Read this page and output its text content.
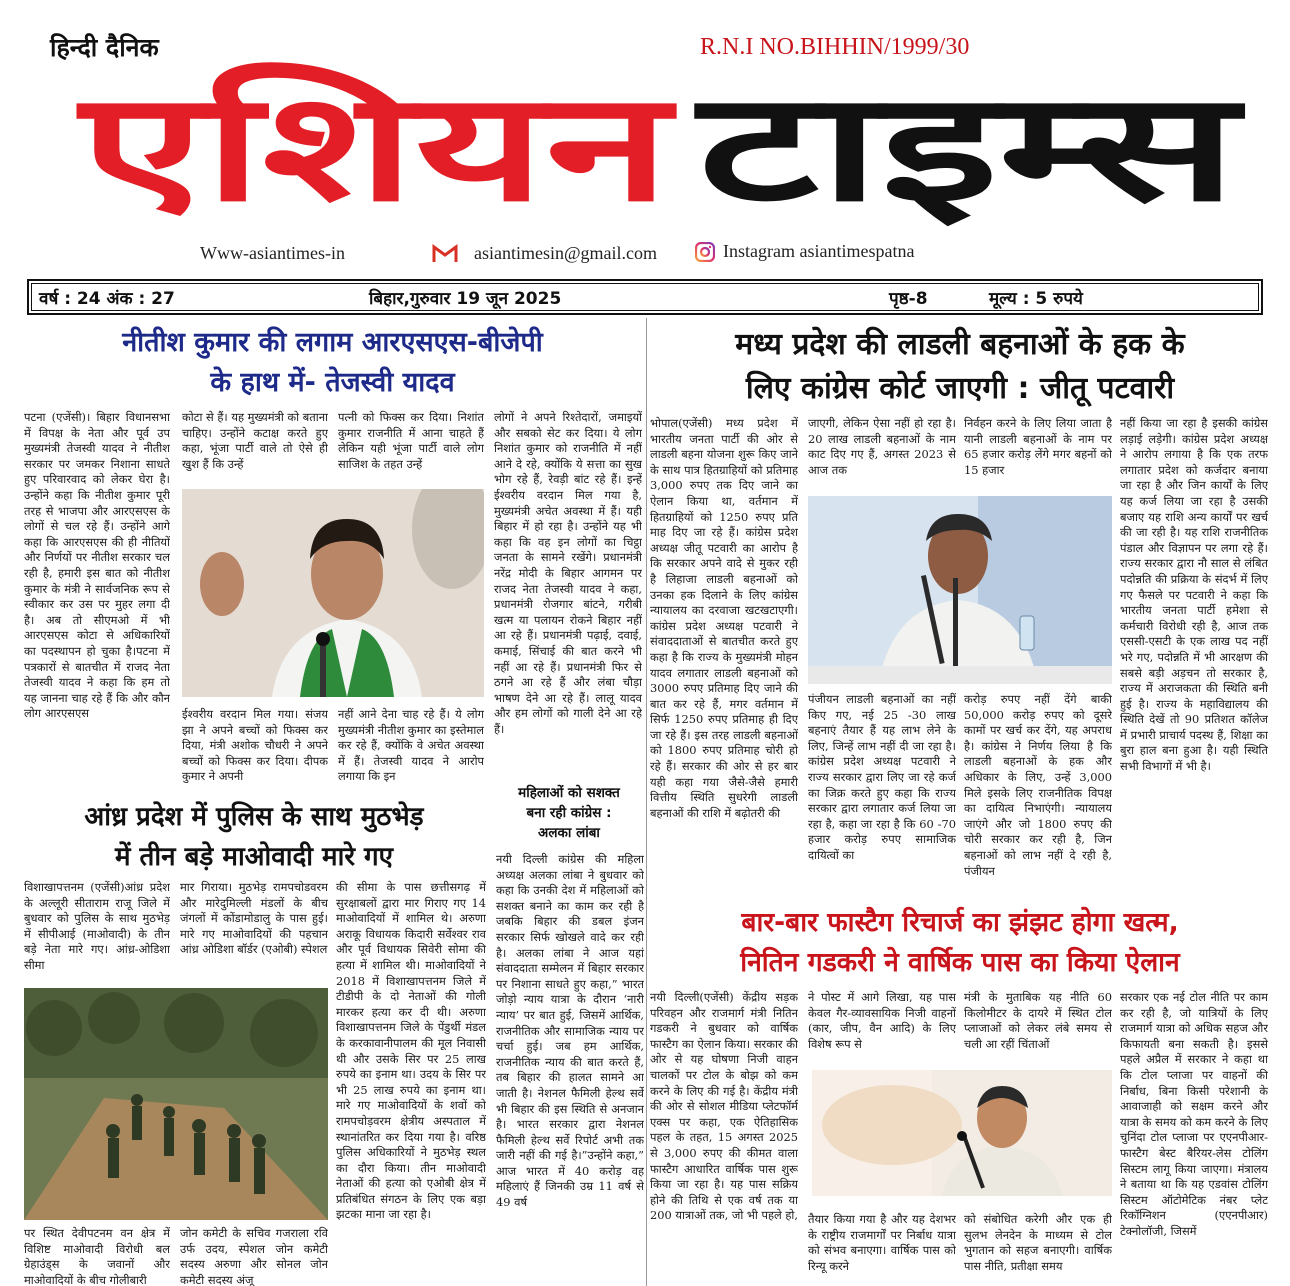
हिन्दी दैनिक	R.N.I NO.BIHHIN/1999/30
एशियन टाइम्स
Www-asiantimes-in	asiantimesin@gmail.com	Instagram asiantimespatna
वर्ष : 24 अंक : 27	बिहार,गुरुवार 19 जून 2025	पृष्ठ-8	मूल्य : 5 रुपये
नीतीश कुमार की लगाम आरएसएस-बीजेपी
के हाथ में- तेजस्वी यादव
पटना (एजेंसी)। बिहार विधानसभा में विपक्ष के नेता और पूर्व उप मुख्यमंत्री तेजस्वी यादव ने नीतीश सरकार पर जमकर निशाना साधते हुए परिवारवाद को लेकर घेरा है। उन्होंने कहा कि नीतीश कुमार पूरी तरह से भाजपा और आरएसएस के लोगों से चल रहे हैं। उन्होंने आगे कहा कि आरएसएस की ही नीतियों और निर्णयों पर नीतीश सरकार चल रही है, हमारी इस बात को नीतीश कुमार के मंत्री ने सार्वजनिक रूप से स्वीकार कर उस पर मुहर लगा दी है। अब तो सीएमओ में भी आरएसएस कोटा से अधिकारियों का पदस्थापन हो चुका है।पटना में पत्रकारों से बातचीत में राजद नेता तेजस्वी यादव ने कहा कि हम तो यह जानना चाह रहे हैं कि और कौन लोग आरएसएस
कोटा से हैं। यह मुख्यमंत्री को बताना चाहिए। उन्होंने कटाक्ष करते हुए कहा, भूंजा पार्टी वाले तो ऐसे ही खुश हैं कि उन्हें
पत्नी को फिक्स कर दिया। निशांत कुमार राजनीति में आना चाहते हैं लेकिन यही भूंजा पार्टी वाले लोग साजिश के तहत उन्हें
ईश्वरीय वरदान मिल गया। संजय झा ने अपने बच्चों को फिक्स कर दिया, मंत्री अशोक चौधरी ने अपने बच्चों को फिक्स कर दिया। दीपक कुमार ने अपनी
नहीं आने देना चाह रहे हैं। ये लोग मुख्यमंत्री नीतीश कुमार का इस्तेमाल कर रहे हैं, क्योंकि वे अचेत अवस्था में हैं। तेजस्वी यादव ने आरोप लगाया कि इन
लोगों ने अपने रिश्तेदारों, जमाइयों और सबको सेट कर दिया। ये लोग निशांत कुमार को राजनीति में नहीं आने दे रहे, क्योंकि ये सत्ता का सुख भोग रहे हैं, रेवड़ी बांट रहे हैं। इन्हें ईश्वरीय वरदान मिल गया है, मुख्यमंत्री अचेत अवस्था में हैं। यही बिहार में हो रहा है। उन्होंने यह भी कहा कि वह इन लोगों का चिट्ठा जनता के सामने रखेंगे। प्रधानमंत्री नरेंद्र मोदी के बिहार आगमन पर राजद नेता तेजस्वी यादव ने कहा, प्रधानमंत्री रोजगार बांटने, गरीबी खत्म या पलायन रोकने बिहार नहीं आ रहे हैं। प्रधानमंत्री पढ़ाई, दवाई, कमाई, सिंचाई की बात करने भी नहीं आ रहे हैं। प्रधानमंत्री फिर से ठगने आ रहे हैं और लंबा चौड़ा भाषण देने आ रहे हैं। लालू यादव और हम लोगों को गाली देने आ रहे हैं।
मध्य प्रदेश की लाडली बहनाओं के हक के
लिए कांग्रेस कोर्ट जाएगी : जीतू पटवारी
भोपाल(एजेंसी) मध्य प्रदेश में भारतीय जनता पार्टी की ओर से लाडली बहना योजना शुरू किए जाने के साथ पात्र हितग्राहियों को प्रतिमाह 3,000 रुपए तक दिए जाने का ऐलान किया था, वर्तमान में हितग्राहियों को 1250 रुपए प्रति माह दिए जा रहे हैं। कांग्रेस प्रदेश अध्यक्ष जीतू पटवारी का आरोप है कि सरकार अपने वादे से मुकर रही है लिहाजा लाडली बहनाओं को उनका हक दिलाने के लिए कांग्रेस न्यायालय का दरवाजा खटखटाएगी। कांग्रेस प्रदेश अध्यक्ष पटवारी ने संवाददाताओं से बातचीत करते हुए कहा है कि राज्य के मुख्यमंत्री मोहन यादव लगातार लाडली बहनाओं को 3000 रुपए प्रतिमाह दिए जाने की बात कर रहे हैं, मगर वर्तमान में सिर्फ 1250 रुपए प्रतिमाह ही दिए जा रहे हैं। इस तरह लाडली बहनाओं को 1800 रुपए प्रतिमाह चोरी हो रहे हैं। सरकार की ओर से हर बार यही कहा गया जैसे-जैसे हमारी वित्तीय स्थिति सुधरेगी लाडली बहनाओं की राशि में बढ़ोतरी की
जाएगी, लेकिन ऐसा नहीं हो रहा है। 20 लाख लाडली बहनाओं के नाम काट दिए गए हैं, अगस्त 2023 से आज तक
निर्वहन करने के लिए लिया जाता है यानी लाडली बहनाओं के नाम पर 65 हजार करोड़ लेंगे मगर बहनों को 15 हजार
पंजीयन लाडली बहनाओं का नहीं किए गए, नई 25 -30 लाख बहनाएं तैयार हैं यह लाभ लेने के लिए, जिन्हें लाभ नहीं दी जा रहा है। कांग्रेस प्रदेश अध्यक्ष पटवारी ने राज्य सरकार द्वारा लिए जा रहे कर्ज का जिक्र करते हुए कहा कि राज्य सरकार द्वारा लगातार कर्ज लिया जा रहा है, कहा जा रहा है कि 60 -70 हजार करोड़ रुपए सामाजिक दायित्वों का
करोड़ रुपए नहीं देंगे बाकी 50,000 करोड़ रुपए को दूसरे कामों पर खर्च कर देंगे, यह अपराध है। कांग्रेस ने निर्णय लिया है कि लाडली बहनाओं के हक और अधिकार के लिए, उन्हें 3,000 मिले इसके लिए राजनीतिक विपक्ष का दायित्व निभाएंगी। न्यायालय जाएंगे और जो 1800 रुपए की चोरी सरकार कर रही है, जिन बहनाओं को लाभ नहीं दे रही है, पंजीयन
नहीं किया जा रहा है इसकी कांग्रेस लड़ाई लड़ेगी। कांग्रेस प्रदेश अध्यक्ष ने आरोप लगाया है कि एक तरफ लगातार प्रदेश को कर्जदार बनाया जा रहा है और जिन कार्यों के लिए यह कर्ज लिया जा रहा है उसकी बजाए यह राशि अन्य कार्यों पर खर्च की जा रही है। यह राशि राजनीतिक पंडाल और विज्ञापन पर लगा रहे हैं। राज्य सरकार द्वारा नौ साल से लंबित पदोन्नति की प्रक्रिया के संदर्भ में लिए गए फैसले पर पटवारी ने कहा कि भारतीय जनता पार्टी हमेशा से कर्मचारी विरोधी रही है, आज तक एससी-एसटी के एक लाख पद नहीं भरे गए, पदोन्नति में भी आरक्षण की सबसे बड़ी अड़चन तो सरकार है, राज्य में अराजकता की स्थिति बनी हुई है। राज्य के महाविद्यालय की स्थिति देखें तो 90 प्रतिशत कॉलेज में प्रभारी प्राचार्य पदस्थ हैं, शिक्षा का बुरा हाल बना हुआ है। यही स्थिति सभी विभागों में भी है।
आंध्र प्रदेश में पुलिस के साथ मुठभेड़
में तीन बड़े माओवादी मारे गए
विशाखापत्तनम (एजेंसी)आंध्र प्रदेश के अल्लूरी सीताराम राजू जिले में बुधवार को पुलिस के साथ मुठभेड़ में सीपीआई (माओवादी) के तीन बड़े नेता मारे गए। आंध्र-ओडिशा सीमा
मार गिराया। मुठभेड़ रामपचोडवरम और मारेदुमिल्ली मंडलों के बीच जंगलों में कोंडामोडालु के पास हुई। मारे गए माओवादियों की पहचान आंध्र ओडिशा बॉर्डर (एओबी) स्पेशल
पर स्थित देवीपटनम वन क्षेत्र में विशिष्ट माओवादी विरोधी बल ग्रेहाउंड्स के जवानों और माओवादियों के बीच गोलीबारी
जोन कमेटी के सचिव गजराला रवि उर्फ उदय, स्पेशल जोन कमेटी सदस्य अरुणा और सोनल जोन कमेटी सदस्य अंजू
की सीमा के पास छत्तीसगढ़ में सुरक्षाबलों द्वारा मार गिराए गए 14 माओवादियों में शामिल थे। अरुणा अराकू विधायक किदारी सर्वेश्वर राव और पूर्व विधायक सिवेरी सोमा की हत्या में शामिल थी। माओवादियों ने 2018 में विशाखापत्तनम जिले में टीडीपी के दो नेताओं की गोली मारकर हत्या कर दी थी। अरुणा विशाखापत्तनम जिले के पेंडुर्थी मंडल के करकावानीपालम की मूल निवासी थी और उसके सिर पर 25 लाख रुपये का इनाम था। उदय के सिर पर भी 25 लाख रुपये का इनाम था। मारे गए माओवादियों के शवों को रामपचोड़वरम क्षेत्रीय अस्पताल में स्थानांतरित कर दिया गया है। वरिष्ठ पुलिस अधिकारियों ने मुठभेड़ स्थल का दौरा किया। तीन माओवादी नेताओं की हत्या को एओबी क्षेत्र में प्रतिबंधित संगठन के लिए एक बड़ा झटका माना जा रहा है।
महिलाओं को सशक्त
बना रही कांग्रेस :
अलका लांबा
नयी दिल्ली कांग्रेस की महिला अध्यक्ष अलका लांबा ने बुधवार को कहा कि उनकी देश में महिलाओं को सशक्त बनाने का काम कर रही है जबकि बिहार की डबल इंजन सरकार सिर्फ खोखले वादे कर रही है। अलका लांबा ने आज यहां संवाददाता सम्मेलन में बिहार सरकार पर निशाना साधते हुए कहा,” भारत जोड़ो न्याय यात्रा के दौरान ‘नारी न्याय’ पर बात हुई, जिसमें आर्थिक, राजनीतिक और सामाजिक न्याय पर चर्चा हुई। जब हम आर्थिक, राजनीतिक न्याय की बात करते हैं, तब बिहार की हालत सामने आ जाती है। नेशनल फैमिली हेल्थ सर्वे भी बिहार की इस स्थिति से अनजान है। भारत सरकार द्वारा नेशनल फैमिली हेल्थ सर्वे रिपोर्ट अभी तक जारी नहीं की गई है।”उन्होंने कहा,” आज भारत में 40 करोड़ वह महिलाएं हैं जिनकी उम्र 11 वर्ष से 49 वर्ष
बार-बार फास्टैग रिचार्ज का झंझट होगा खत्म,
नितिन गडकरी ने वार्षिक पास का किया ऐलान
नयी दिल्ली(एजेंसी) केंद्रीय सड़क परिवहन और राजमार्ग मंत्री नितिन गडकरी ने बुधवार को वार्षिक फास्टैग का ऐलान किया। सरकार की ओर से यह घोषणा निजी वाहन चालकों पर टोल के बोझ को कम करने के लिए की गई है। केंद्रीय मंत्री की ओर से सोशल मीडिया प्लेटफॉर्म एक्स पर कहा, एक ऐतिहासिक पहल के तहत, 15 अगस्त 2025 से 3,000 रुपए की कीमत वाला फास्टैग आधारित वार्षिक पास शुरू किया जा रहा है। यह पास सक्रिय होने की तिथि से एक वर्ष तक या 200 यात्राओं तक, जो भी पहले हो,
ने पोस्ट में आगे लिखा, यह पास केवल गैर-व्यावसायिक निजी वाहनों (कार, जीप, वैन आदि) के लिए विशेष रूप से
मंत्री के मुताबिक यह नीति 60 किलोमीटर के दायरे में स्थित टोल प्लाजाओं को लेकर लंबे समय से चली आ रहीं चिंताओं
तैयार किया गया है और यह देशभर के राष्ट्रीय राजमार्गों पर निर्बाध यात्रा को संभव बनाएगा। वार्षिक पास को रिन्यू करने
को संबोधित करेगी और एक ही सुलभ लेनदेन के माध्यम से टोल भुगतान को सहज बनाएगी। वार्षिक पास नीति, प्रतीक्षा समय
सरकार एक नई टोल नीति पर काम कर रही है, जो यात्रियों के लिए राजमार्ग यात्रा को अधिक सहज और किफायती बना सकती है। इससे पहले अप्रैल में सरकार ने कहा था कि टोल प्लाजा पर वाहनों की निर्बाध, बिना किसी परेशानी के आवाजाही को सक्षम करने और यात्रा के समय को कम करने के लिए चुनिंदा टोल प्लाजा पर एएनपीआर-फास्टैग बेस्ट बैरियर-लेस टोलिंग सिस्टम लागू किया जाएगा। मंत्रालय ने बताया था कि यह एडवांस टोलिंग सिस्टम ऑटोमेटिक नंबर प्लेट रिकॉग्निशन (एएनपीआर) टेक्नोलॉजी, जिसमें
